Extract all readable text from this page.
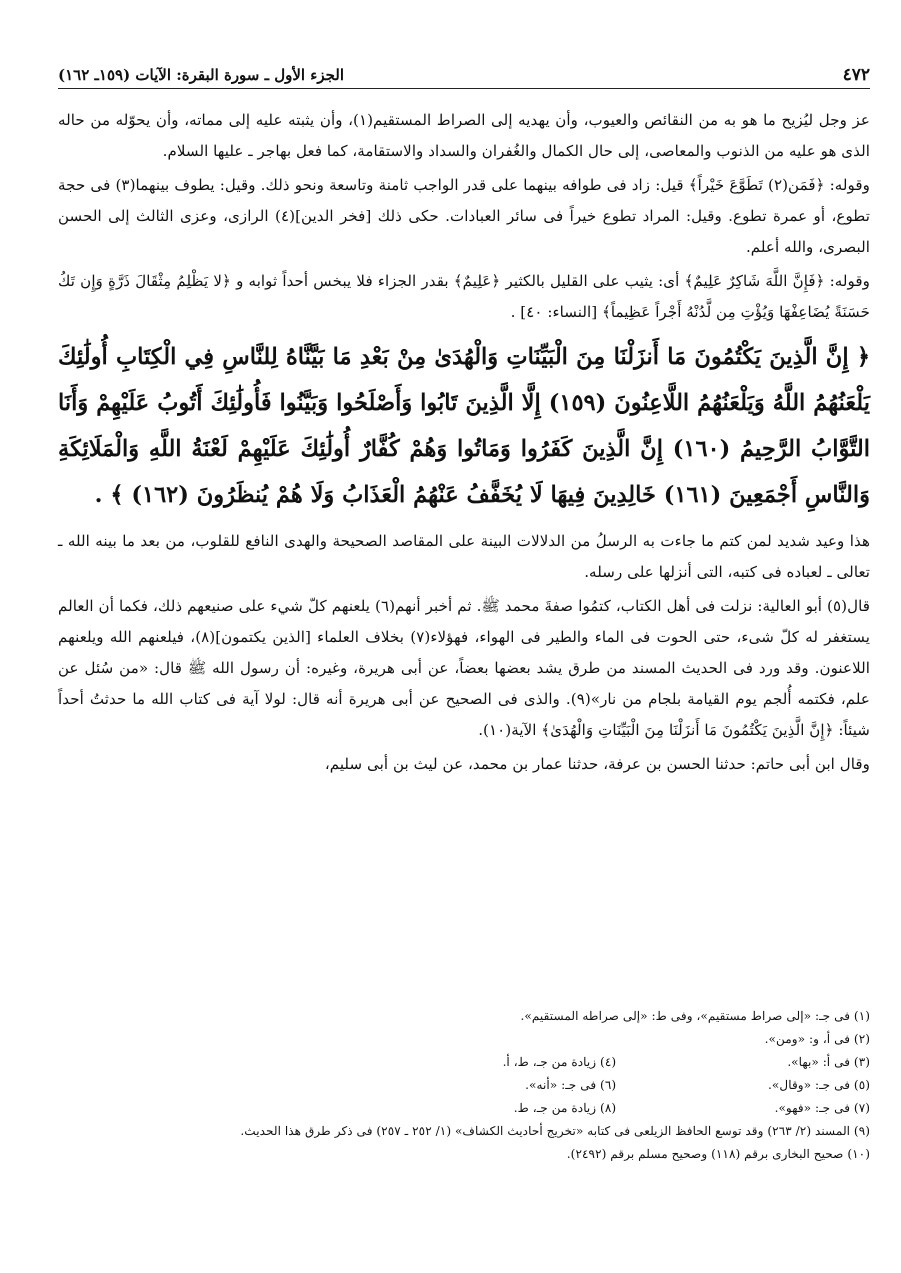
٤٧٢
الجزء الأول ـ سورة البقرة: الآيات (١٥٩ـ ١٦٢)

عز وجل ليُزيح ما هو به من النقائص والعيوب، وأن يهديه إلى الصراط المستقيم(١)، وأن يثبته عليه إلى مماته، وأن يحوّله من حاله الذى هو عليه من الذنوب والمعاصى، إلى حال الكمال والغُفران والسداد والاستقامة، كما فعل بهاجر ـ عليها السلام.

وقوله: ﴿فَمَن(٢) تَطَوَّعَ خَيْراً﴾ قيل: زاد فى طوافه بينهما على قدر الواجب ثامنة وتاسعة ونحو ذلك. وقيل: يطوف بينهما(٣) فى حجة تطوع، أو عمرة تطوع. وقيل: المراد تطوع خيراً فى سائر العبادات. حكى ذلك [فخر الدين](٤) الرازى، وعزى الثالث إلى الحسن البصرى، والله أعلم.

وقوله: ﴿فَإِنَّ اللَّهَ شَاكِرٌ عَلِيمٌ﴾ أى: يثيب على القليل بالكثير ﴿عَلِيمٌ﴾ بقدر الجزاء فلا يبخس أحداً ثوابه و ﴿لا يَظْلِمُ مِثْقَالَ ذَرَّةٍ وَإِن تَكُ حَسَنَةً يُضَاعِفْهَا وَيُؤْتِ مِن لَّدُنْهُ أَجْراً عَظِيماً﴾ [النساء: ٤٠] .

﴿ إِنَّ الَّذِينَ يَكْتُمُونَ مَا أَنزَلْنَا مِنَ الْبَيِّنَاتِ وَالْهُدَىٰ مِنْ بَعْدِ مَا بَيَّنَّاهُ لِلنَّاسِ فِي الْكِتَابِ أُولَٰئِكَ يَلْعَنُهُمُ اللَّهُ وَيَلْعَنُهُمُ اللَّاعِنُونَ (١٥٩) إِلَّا الَّذِينَ تَابُوا وَأَصْلَحُوا وَبَيَّنُوا فَأُولَٰئِكَ أَتُوبُ عَلَيْهِمْ وَأَنَا التَّوَّابُ الرَّحِيمُ (١٦٠) إِنَّ الَّذِينَ كَفَرُوا وَمَاتُوا وَهُمْ كُفَّارٌ أُولَٰئِكَ عَلَيْهِمْ لَعْنَةُ اللَّهِ وَالْمَلَائِكَةِ وَالنَّاسِ أَجْمَعِينَ (١٦١) خَالِدِينَ فِيهَا لَا يُخَفَّفُ عَنْهُمُ الْعَذَابُ وَلَا هُمْ يُنظَرُونَ (١٦٢) ﴾ .

هذا وعيد شديد لمن كتم ما جاءت به الرسلُ من الدلالات البينة على المقاصد الصحيحة والهدى النافع للقلوب، من بعد ما بينه الله ـ تعالى ـ لعباده فى كتبه، التى أنزلها على رسله.

قال(٥) أبو العالية: نزلت فى أهل الكتاب، كتمُوا صفةَ محمد ﷺ. ثم أخبر أنهم(٦) يلعنهم كلّ شيء على صنيعهم ذلك، فكما أن العالم يستغفر له كلّ شىء، حتى الحوت فى الماء والطير فى الهواء، فهؤلاء(٧) بخلاف العلماء [الذين يكتمون](٨)، فيلعنهم الله ويلعنهم اللاعنون. وقد ورد فى الحديث المسند من طرق يشد بعضها بعضاً، عن أبى هريرة، وغيره: أن رسول الله ﷺ قال: «من سُئل عن علم، فكتمه أُلجم يوم القيامة بلجام من نار»(٩). والذى فى الصحيح عن أبى هريرة أنه قال: لولا آية فى كتاب الله ما حدثتُ أحداً شيئاً: ﴿إِنَّ الَّذِينَ يَكْتُمُونَ مَا أَنزَلْنَا مِنَ الْبَيِّنَاتِ وَالْهُدَىٰ﴾ الآية(١٠).

وقال ابن أبى حاتم: حدثنا الحسن بن عرفة، حدثنا عمار بن محمد، عن ليث بن أبى سليم،

(١) فى جـ: «إلى صراط مستقيم»، وفى ط: «إلى صراطه المستقيم».
(٢) فى أ، و: «ومن».
(٣) فى أ: «بها». (٤) زيادة من جـ، ط، أ.
(٥) فى جـ: «وقال». (٦) فى جـ: «أنه».
(٧) فى جـ: «فهو». (٨) زيادة من جـ، ط.
(٩) المسند (٢/ ٢٦٣) وقد توسع الحافظ الزيلعى فى كتابه «تخريج أحاديث الكشاف» (١/ ٢٥٢ ـ ٢٥٧) فى ذكر طرق هذا الحديث.
(١٠) صحيح البخارى برقم (١١٨) وصحيح مسلم برقم (٢٤٩٢).
